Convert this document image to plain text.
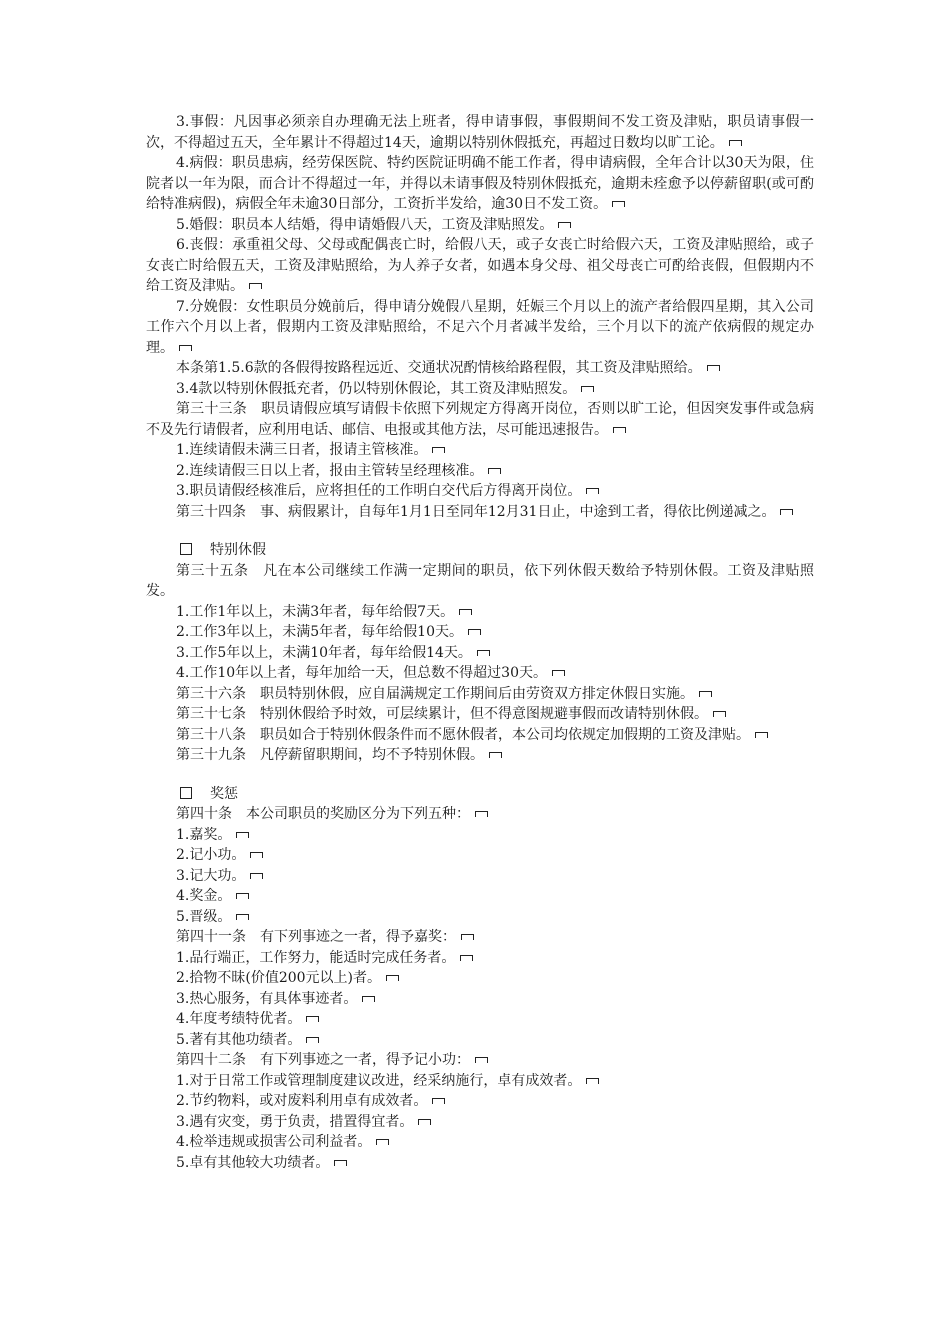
3.事假：凡因事必须亲自办理确无法上班者，得申请事假，事假期间不发工资及津贴，职员请事假一次，不得超过五天，全年累计不得超过14天，逾期以特别休假抵充，再超过日数均以旷工论。

4.病假：职员患病，经劳保医院、特约医院证明确不能工作者，得申请病假，全年合计以30天为限，住院者以一年为限，而合计不得超过一年，并得以未请事假及特别休假抵充，逾期未痊愈予以停薪留职(或可酌给特准病假)，病假全年未逾30日部分，工资折半发给，逾30日不发工资。

5.婚假：职员本人结婚，得申请婚假八天，工资及津贴照发。

6.丧假：承重祖父母、父母或配偶丧亡时，给假八天，或子女丧亡时给假六天，工资及津贴照给，或子女丧亡时给假五天，工资及津贴照给，为人养子女者，如遇本身父母、祖父母丧亡可酌给丧假，但假期内不给工资及津贴。

7.分娩假：女性职员分娩前后，得申请分娩假八星期，妊娠三个月以上的流产者给假四星期，其入公司工作六个月以上者，假期内工资及津贴照给，不足六个月者减半发给，三个月以下的流产依病假的规定办理。

本条第1.5.6款的各假得按路程远近、交通状况酌情核给路程假，其工资及津贴照给。

3.4款以特别休假抵充者，仍以特别休假论，其工资及津贴照发。

第三十三条　职员请假应填写请假卡依照下列规定方得离开岗位，否则以旷工论，但因突发事件或急病不及先行请假者，应利用电话、邮信、电报或其他方法，尽可能迅速报告。

1.连续请假未满三日者，报请主管核准。

2.连续请假三日以上者，报由主管转呈经理核准。

3.职员请假经核准后，应将担任的工作明白交代后方得离开岗位。

第三十四条　事、病假累计，自每年1月1日至同年12月31日止，中途到工者，得依比例递减之。

特别休假

第三十五条　凡在本公司继续工作满一定期间的职员，依下列休假天数给予特别休假。工资及津贴照发。

1.工作1年以上，未满3年者，每年给假7天。

2.工作3年以上，未满5年者，每年给假10天。

3.工作5年以上，未满10年者，每年给假14天。

4.工作10年以上者，每年加给一天，但总数不得超过30天。

第三十六条　职员特别休假，应自届满规定工作期间后由劳资双方排定休假日实施。

第三十七条　特别休假给予时效，可层续累计，但不得意图规避事假而改请特别休假。

第三十八条　职员如合于特别休假条件而不愿休假者，本公司均依规定加假期的工资及津贴。

第三十九条　凡停薪留职期间，均不予特别休假。

奖惩

第四十条　本公司职员的奖励区分为下列五种：

1.嘉奖。

2.记小功。

3.记大功。

4.奖金。

5.晋级。

第四十一条　有下列事迹之一者，得予嘉奖：

1.品行端正，工作努力，能适时完成任务者。

2.拾物不昧(价值200元以上)者。

3.热心服务，有具体事迹者。

4.年度考绩特优者。

5.著有其他功绩者。

第四十二条　有下列事迹之一者，得予记小功：

1.对于日常工作或管理制度建议改进，经采纳施行，卓有成效者。

2.节约物料，或对废料利用卓有成效者。

3.遇有灾变，勇于负责，措置得宜者。

4.检举违规或损害公司利益者。

5.卓有其他较大功绩者。
